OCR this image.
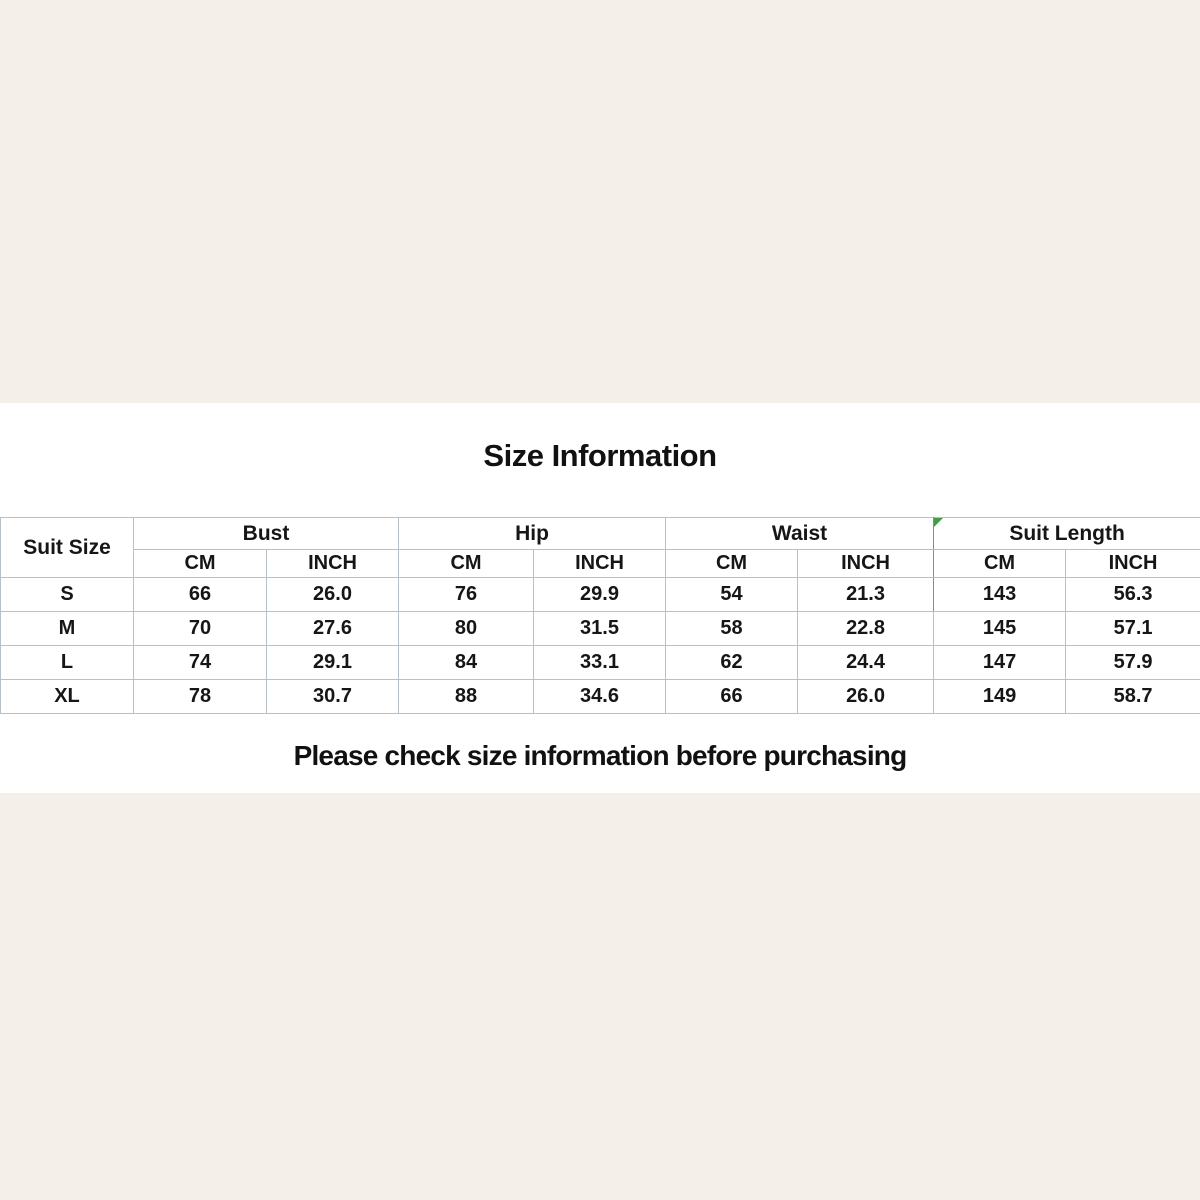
Size Information
Suit Size	Bust		Hip		Waist		Suit Length	
	CM	INCH	CM	INCH	CM	INCH	CM	INCH
S	66	26.0	76	29.9	54	21.3	143	56.3
M	70	27.6	80	31.5	58	22.8	145	57.1
L	74	29.1	84	33.1	62	24.4	147	57.9
XL	78	30.7	88	34.6	66	26.0	149	58.7
Please check size information before purchasing
